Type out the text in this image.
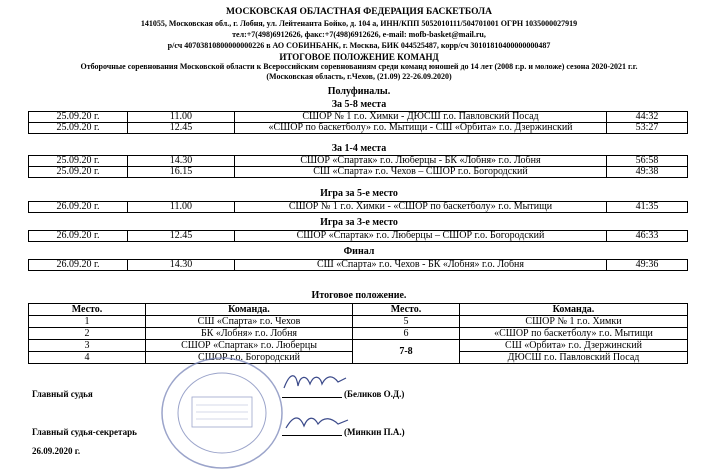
МОСКОВСКАЯ ОБЛАСТНАЯ ФЕДЕРАЦИЯ БАСКЕТБОЛА
141055, Московская обл., г. Лобня, ул. Лейтенанта Бойко, д. 104 а, ИНН/КПП 5052010111/504701001 ОГРН 1035000027919
тел:+7(498)6912626, факс:+7(498)6912626, e-mail: mofb-basket@mail.ru,
р/сч 40703810800000000226 в АО СОБИНБАНК, г. Москва, БИК 044525487, корр/сч 30101810400000000487
ИТОГОВОЕ ПОЛОЖЕНИЕ КОМАНД
Отборочные соревнования Московской области к Всероссийским соревнованиям среди команд юношей до 14 лет (2008 г.р. и моложе) сезона 2020-2021 г.г.
(Московская область, г.Чехов, (21.09) 22-26.09.2020)
Полуфиналы.
За 5-8 места
25.09.20 г.	11.00	СШОР № 1 г.о. Химки - ДЮСШ г.о. Павловский Посад	44:32
25.09.20 г.	12.45	«СШОР по баскетболу» г.о. Мытищи - СШ «Орбита» г.о. Дзержинский	53:27
За 1-4 места
25.09.20 г.	14.30	СШОР «Спартак» г.о. Люберцы - БК «Лобня» г.о. Лобня	56:58
25.09.20 г.	16.15	СШ «Спарта» г.о. Чехов – СШОР г.о. Богородский	49:38
Игра за 5-е место
26.09.20 г.	11.00	СШОР № 1 г.о. Химки - «СШОР по баскетболу» г.о. Мытищи	41:35
Игра за 3-е место
26.09.20 г.	12.45	СШОР «Спартак» г.о. Люберцы – СШОР г.о. Богородский	46:33
Финал
26.09.20 г.	14.30	СШ «Спарта» г.о. Чехов - БК «Лобня» г.о. Лобня	49:36
Итоговое положение.
Место.	Команда.	Место.	Команда.
1	СШ «Спарта» г.о. Чехов	5	СШОР № 1 г.о. Химки
2	БК «Лобня» г.о. Лобня	6	«СШОР по баскетболу» г.о. Мытищи
3	СШОР «Спартак» г.о. Люберцы	7-8	СШ «Орбита» г.о. Дзержинский
4	СШОР г.о. Богородский		ДЮСШ г.о. Павловский Посад
Главный судья	(Беликов О.Д.)
Главный судья-секретарь	(Минкин П.А.)
26.09.2020 г.
